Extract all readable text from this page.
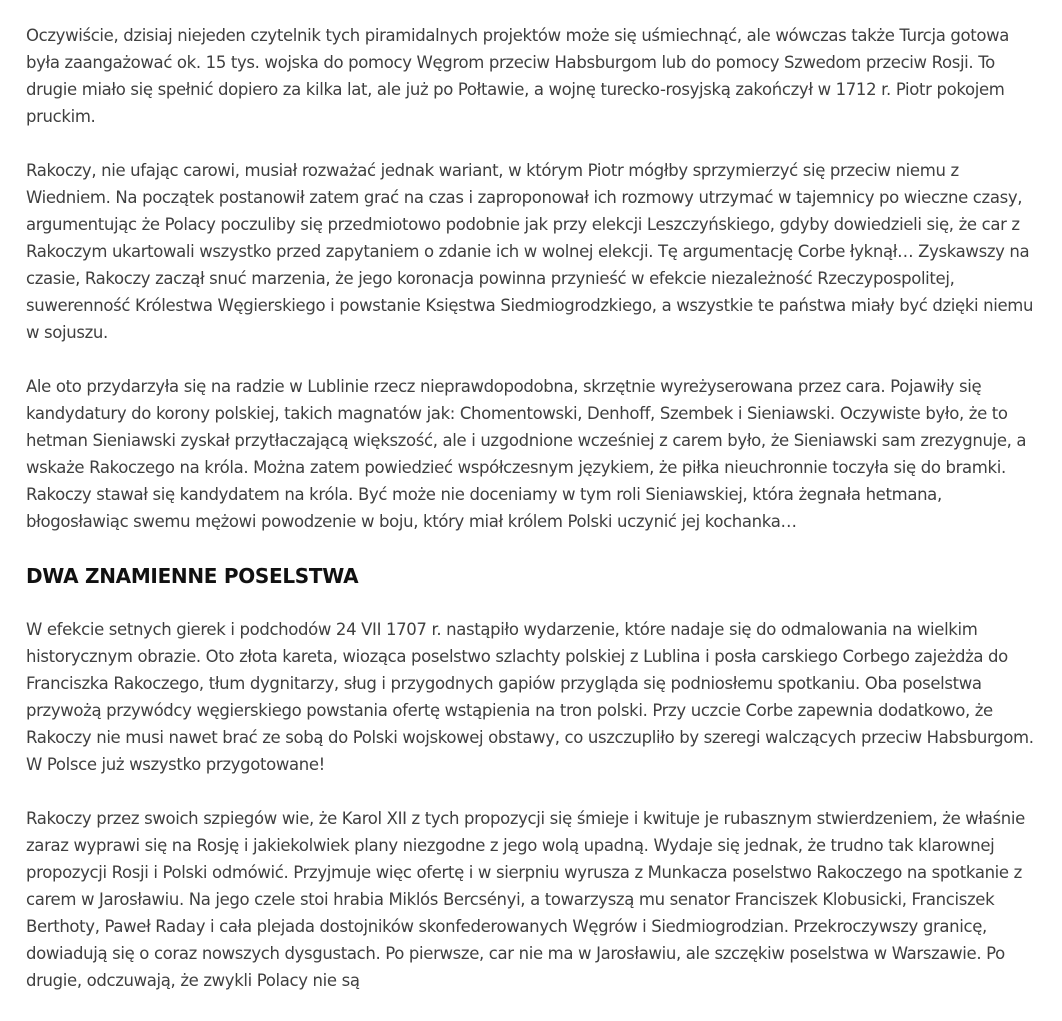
Oczywiście, dzisiaj niejeden czytelnik tych piramidalnych projektów może się uśmiechnąć, ale wówczas także Turcja gotowa była zaangażować ok. 15 tys. wojska do pomocy Węgrom przeciw Habsburgom lub do pomocy Szwedom przeciw Rosji. To drugie miało się spełnić dopiero za kilka lat, ale już po Połtawie, a wojnę turecko-rosyjską zakończył w 1712 r. Piotr pokojem pruckim.

Rakoczy, nie ufając carowi, musiał rozważać jednak wariant, w którym Piotr mógłby sprzymierzyć się przeciw niemu z Wiedniem. Na początek postanowił zatem grać na czas i zaproponował ich rozmowy utrzymać w tajemnicy po wieczne czasy, argumentując że Polacy poczuliby się przedmiotowo podobnie jak przy elekcji Leszczyńskiego, gdyby dowiedzieli się, że car z Rakoczym ukartowali wszystko przed zapytaniem o zdanie ich w wolnej elekcji. Tę argumentację Corbe łyknął… Zyskawszy na czasie, Rakoczy zaczął snuć marzenia, że jego koronacja powinna przynieść w efekcie niezależność Rzeczypospolitej, suwerenność Królestwa Węgierskiego i powstanie Księstwa Siedmiogrodzkiego, a wszystkie te państwa miały być dzięki niemu w sojuszu.

Ale oto przydarzyła się na radzie w Lublinie rzecz nieprawdopodobna, skrzętnie wyreżyserowana przez cara. Pojawiły się kandydatury do korony polskiej, takich magnatów jak: Chomentowski, Denhoff, Szembek i Sieniawski. Oczywiste było, że to hetman Sieniawski zyskał przytłaczającą większość, ale i uzgodnione wcześniej z carem było, że Sieniawski sam zrezygnuje, a wskaże Rakoczego na króla. Można zatem powiedzieć współczesnym językiem, że piłka nieuchronnie toczyła się do bramki. Rakoczy stawał się kandydatem na króla. Być może nie doceniamy w tym roli Sieniawskiej, która żegnała hetmana, błogosławiąc swemu mężowi powodzenie w boju, który miał królem Polski uczynić jej kochanka…

DWA ZNAMIENNE POSELSTWA

W efekcie setnych gierek i podchodów 24 VII 1707 r. nastąpiło wydarzenie, które nadaje się do odmalowania na wielkim historycznym obrazie. Oto złota kareta, wioząca poselstwo szlachty polskiej z Lublina i posła carskiego Corbego zajeżdża do Franciszka Rakoczego, tłum dygnitarzy, sług i przygodnych gapiów przygląda się podniosłemu spotkaniu. Oba poselstwa przywożą przywódcy węgierskiego powstania ofertę wstąpienia na tron polski. Przy uczcie Corbe zapewnia dodatkowo, że Rakoczy nie musi nawet brać ze sobą do Polski wojskowej obstawy, co uszczupliło by szeregi walczących przeciw Habsburgom. W Polsce już wszystko przygotowane!

Rakoczy przez swoich szpiegów wie, że Karol XII z tych propozycji się śmieje i kwituje je rubasznym stwierdzeniem, że właśnie zaraz wyprawi się na Rosję i jakiekolwiek plany niezgodne z jego wolą upadną. Wydaje się jednak, że trudno tak klarownej propozycji Rosji i Polski odmówić. Przyjmuje więc ofertę i w sierpniu wyrusza z Munkacza poselstwo Rakoczego na spotkanie z carem w Jarosławiu. Na jego czele stoi hrabia Miklós Bercsényi, a towarzyszą mu senator Franciszek Klobusicki, Franciszek Berthoty, Paweł Raday i cała plejada dostojników skonfederowanych Węgrów i Siedmiogrodzian. Przekroczywszy granicę, dowiadują się o coraz nowszych dysgustach. Po pierwsze, car nie ma w Jarosławiu, ale szczękiw poselstwa w Warszawie. Po drugie, odczuwają, że zwykli Polacy nie są
